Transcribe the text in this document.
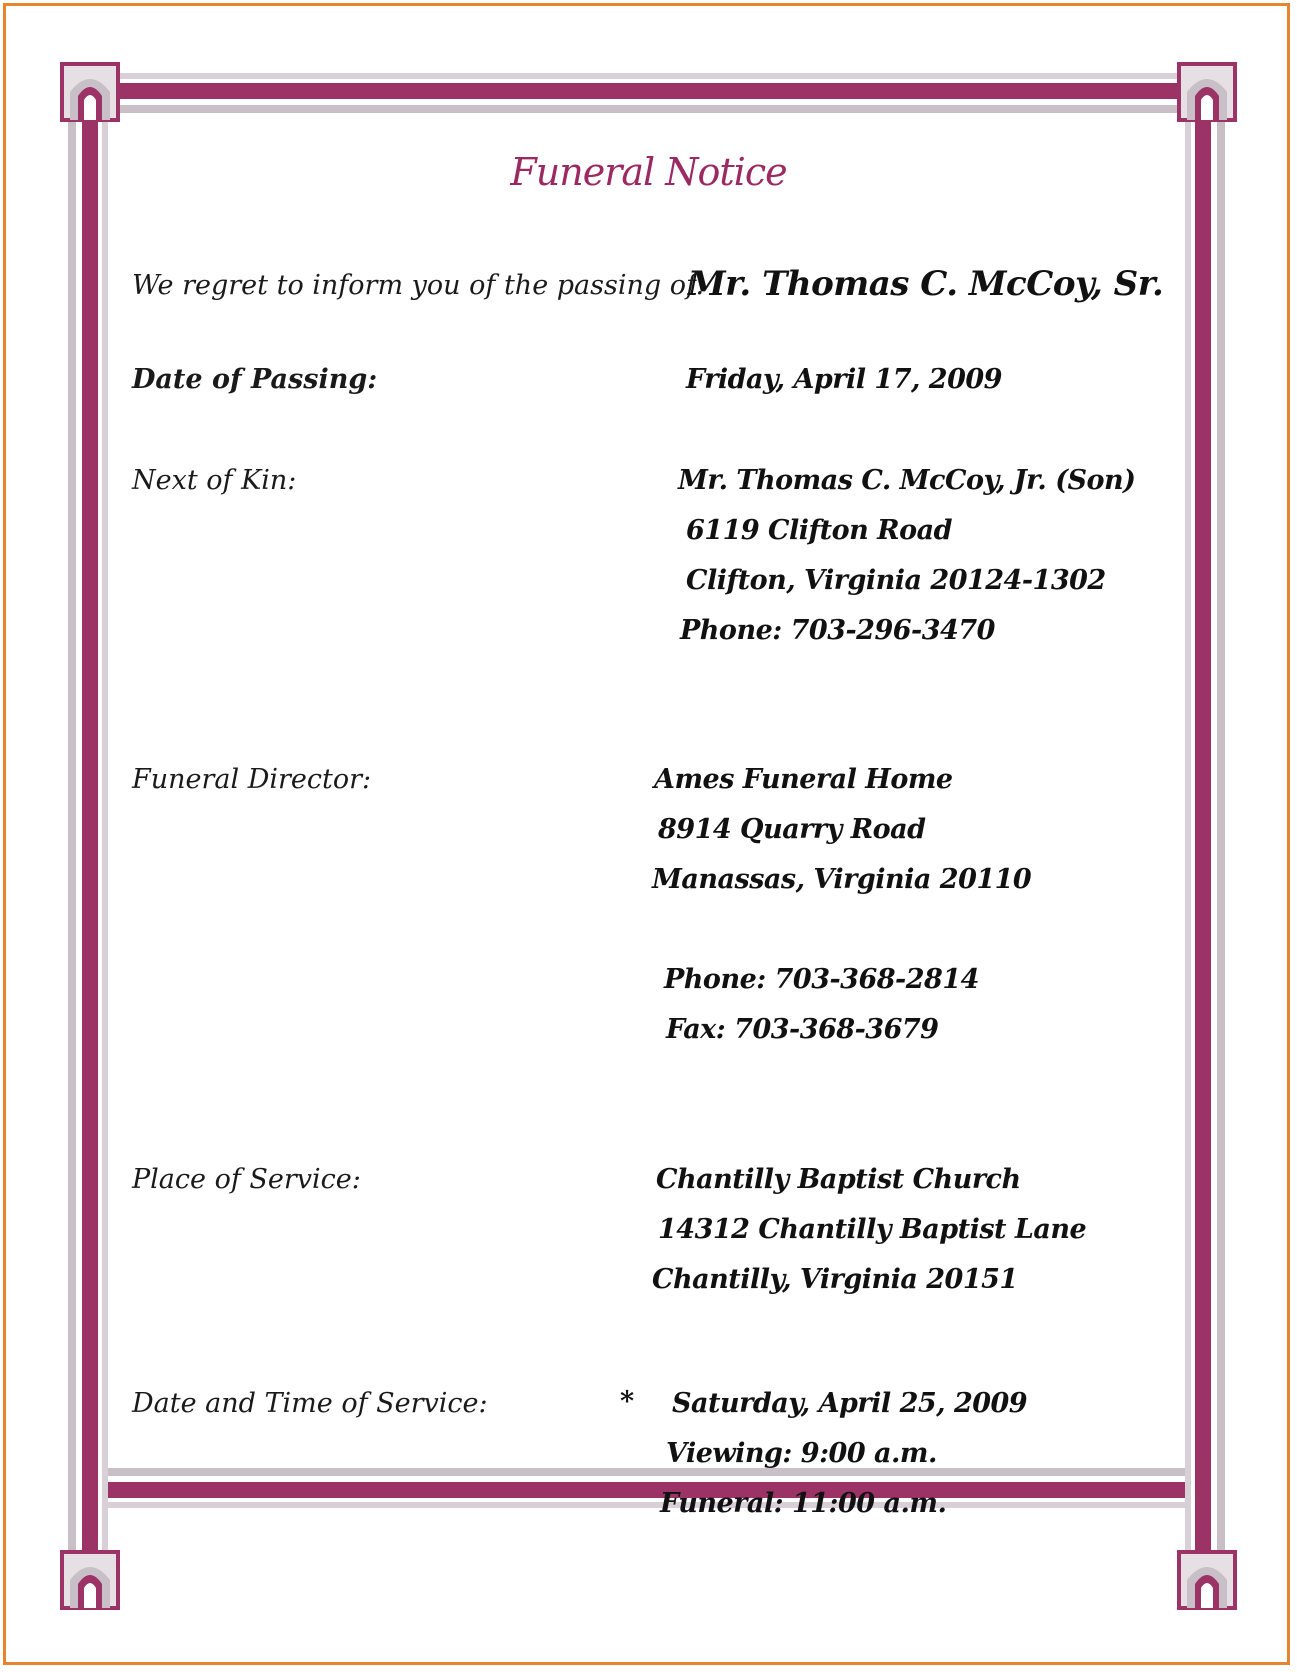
Funeral Notice
We regret to inform you of the passing of:
Mr. Thomas C. McCoy, Sr.
Date of Passing:	Friday, April 17, 2009
Next of Kin:	Mr. Thomas C. McCoy, Jr. (Son)
6119 Clifton Road
Clifton, Virginia 20124-1302
Phone: 703-296-3470
Funeral Director:	Ames Funeral Home
8914 Quarry Road
Manassas, Virginia 20110
Phone: 703-368-2814
Fax: 703-368-3679
Place of Service:	Chantilly Baptist Church
14312 Chantilly Baptist Lane
Chantilly, Virginia 20151
Date and Time of Service:	* Saturday, April 25, 2009
Viewing: 9:00 a.m.
Funeral: 11:00 a.m.
